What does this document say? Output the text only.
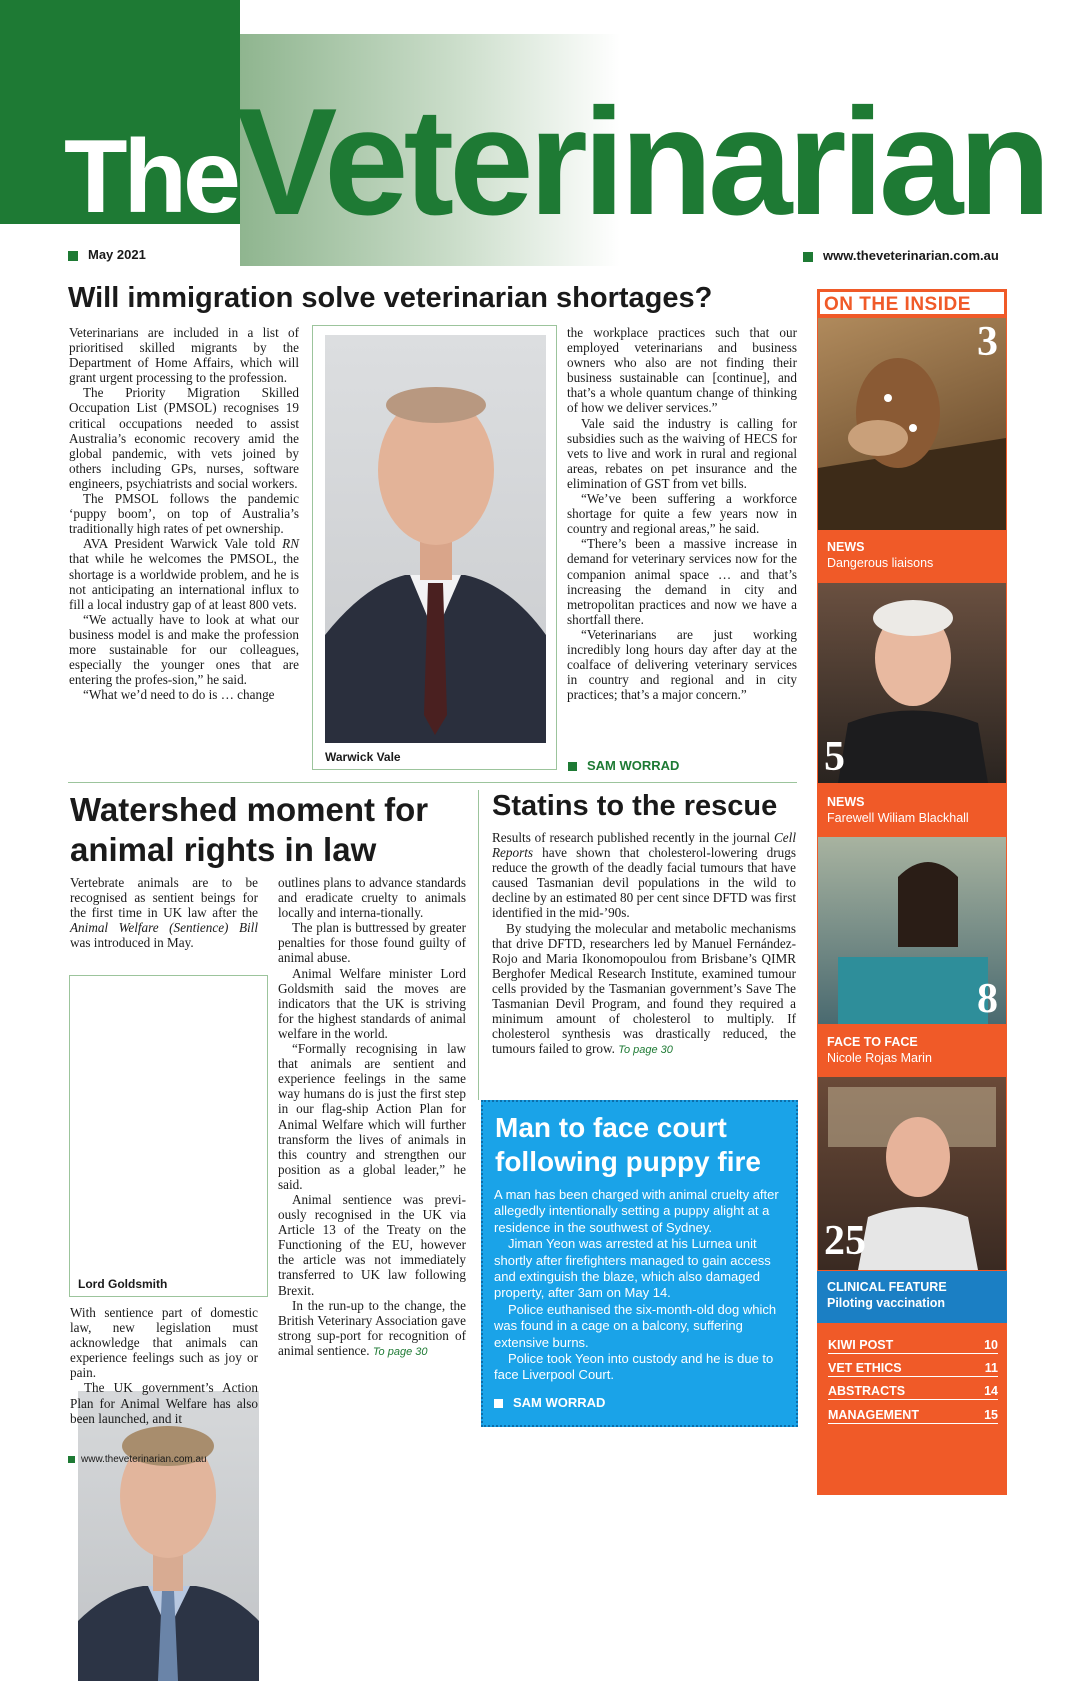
The Veterinarian
May 2021	www.theveterinarian.com.au
Will immigration solve veterinarian shortages?

Veterinarians are included in a list of prioritised skilled migrants by the Department of Home Affairs, which will grant urgent processing to the profession.

The Priority Migration Skilled Occupation List (PMSOL) recognises 19 critical occupations needed to assist Australia’s economic recovery amid the global pandemic, with vets joined by others including GPs, nurses, software engineers, psychiatrists and social workers.

The PMSOL follows the pandemic ‘puppy boom’, on top of Australia’s traditionally high rates of pet ownership.

AVA President Warwick Vale told RN that while he welcomes the PMSOL, the shortage is a worldwide problem, and he is not anticipating an international influx to fill a local industry gap of at least 800 vets.

“We actually have to look at what our business model is and make the profession more sustainable for our colleagues, especially the younger ones that are entering the profes-sion,” he said.

“What we’d need to do is … change

Warwick Vale

the workplace practices such that our employed veterinarians and business owners who also are not finding their business sustainable can [continue], and that’s a whole quantum change of thinking of how we deliver services.”

Vale said the industry is calling for subsidies such as the waiving of HECS for vets to live and work in rural and regional areas, rebates on pet insurance and the elimination of GST from vet bills.

“We’ve been suffering a workforce shortage for quite a few years now in country and regional areas,” he said.

“There’s been a massive increase in demand for veterinary services now for the companion animal space … and that’s increasing the demand in city and metropolitan practices and now we have a shortfall there.

“Veterinarians are just working incredibly long hours day after day at the coalface of delivering veterinary services in country and regional and in city practices; that’s a major concern.”

SAM WORRAD
Watershed moment for
animal rights in law

Vertebrate animals are to be recognised as sentient beings for the first time in UK law after the Animal Welfare (Sentience) Bill was introduced in May.

Lord Goldsmith

With sentience part of domestic law, new legislation must acknowledge that animals can experience feelings such as joy or pain.

The UK government’s Action Plan for Animal Welfare has also been launched, and it

outlines plans to advance standards and eradicate cruelty to animals locally and interna-tionally.

The plan is buttressed by greater penalties for those found guilty of animal abuse.

Animal Welfare minister Lord Goldsmith said the moves are indicators that the UK is striving for the highest standards of animal welfare in the world.

“Formally recognising in law that animals are sentient and experience feelings in the same way humans do is just the first step in our flag-ship Action Plan for Animal Welfare which will further transform the lives of animals in this country and strengthen our position as a global leader,” he said.

Animal sentience was previ-ously recognised in the UK via Article 13 of the Treaty on the Functioning of the EU, however the article was not immediately transferred to UK law following Brexit.

In the run-up to the change, the British Veterinary Association gave strong sup-port for recognition of animal sentience. To page 30

Statins to the rescue

Results of research published recently in the journal Cell Reports have shown that cholesterol-lowering drugs reduce the growth of the deadly facial tumours that have caused Tasmanian devil populations in the wild to decline by an estimated 80 per cent since DFTD was first identified in the mid-’90s.

By studying the molecular and metabolic mechanisms that drive DFTD, researchers led by Manuel Fernández-Rojo and Maria Ikonomopoulou from Brisbane’s QIMR Berghofer Medical Research Institute, examined tumour cells provided by the Tasmanian government’s Save The Tasmanian Devil Program, and found they required a minimum amount of cholesterol to multiply. If cholesterol synthesis was drastically reduced, the tumours failed to grow. To page 30

Man to face court following puppy fire

A man has been charged with animal cruelty after allegedly intentionally setting a puppy alight at a residence in the southwest of Sydney.

Jiman Yeon was arrested at his Lurnea unit shortly after firefighters managed to gain access and extinguish the blaze, which also damaged property, after 3am on May 14.

Police euthanised the six-month-old dog which was found in a cage on a balcony, suffering extensive burns.

Police took Yeon into custody and he is due to face Liverpool Court.

SAM WORRAD
ON THE INSIDE
3
NEWS
Dangerous liaisons
5
NEWS
Farewell Wiliam Blackhall
8
FACE TO FACE
Nicole Rojas Marin
25
CLINICAL FEATURE
Piloting vaccination
KIWI POST	10
VET ETHICS	11
ABSTRACTS	14
MANAGEMENT	15
www.theveterinarian.com.au
